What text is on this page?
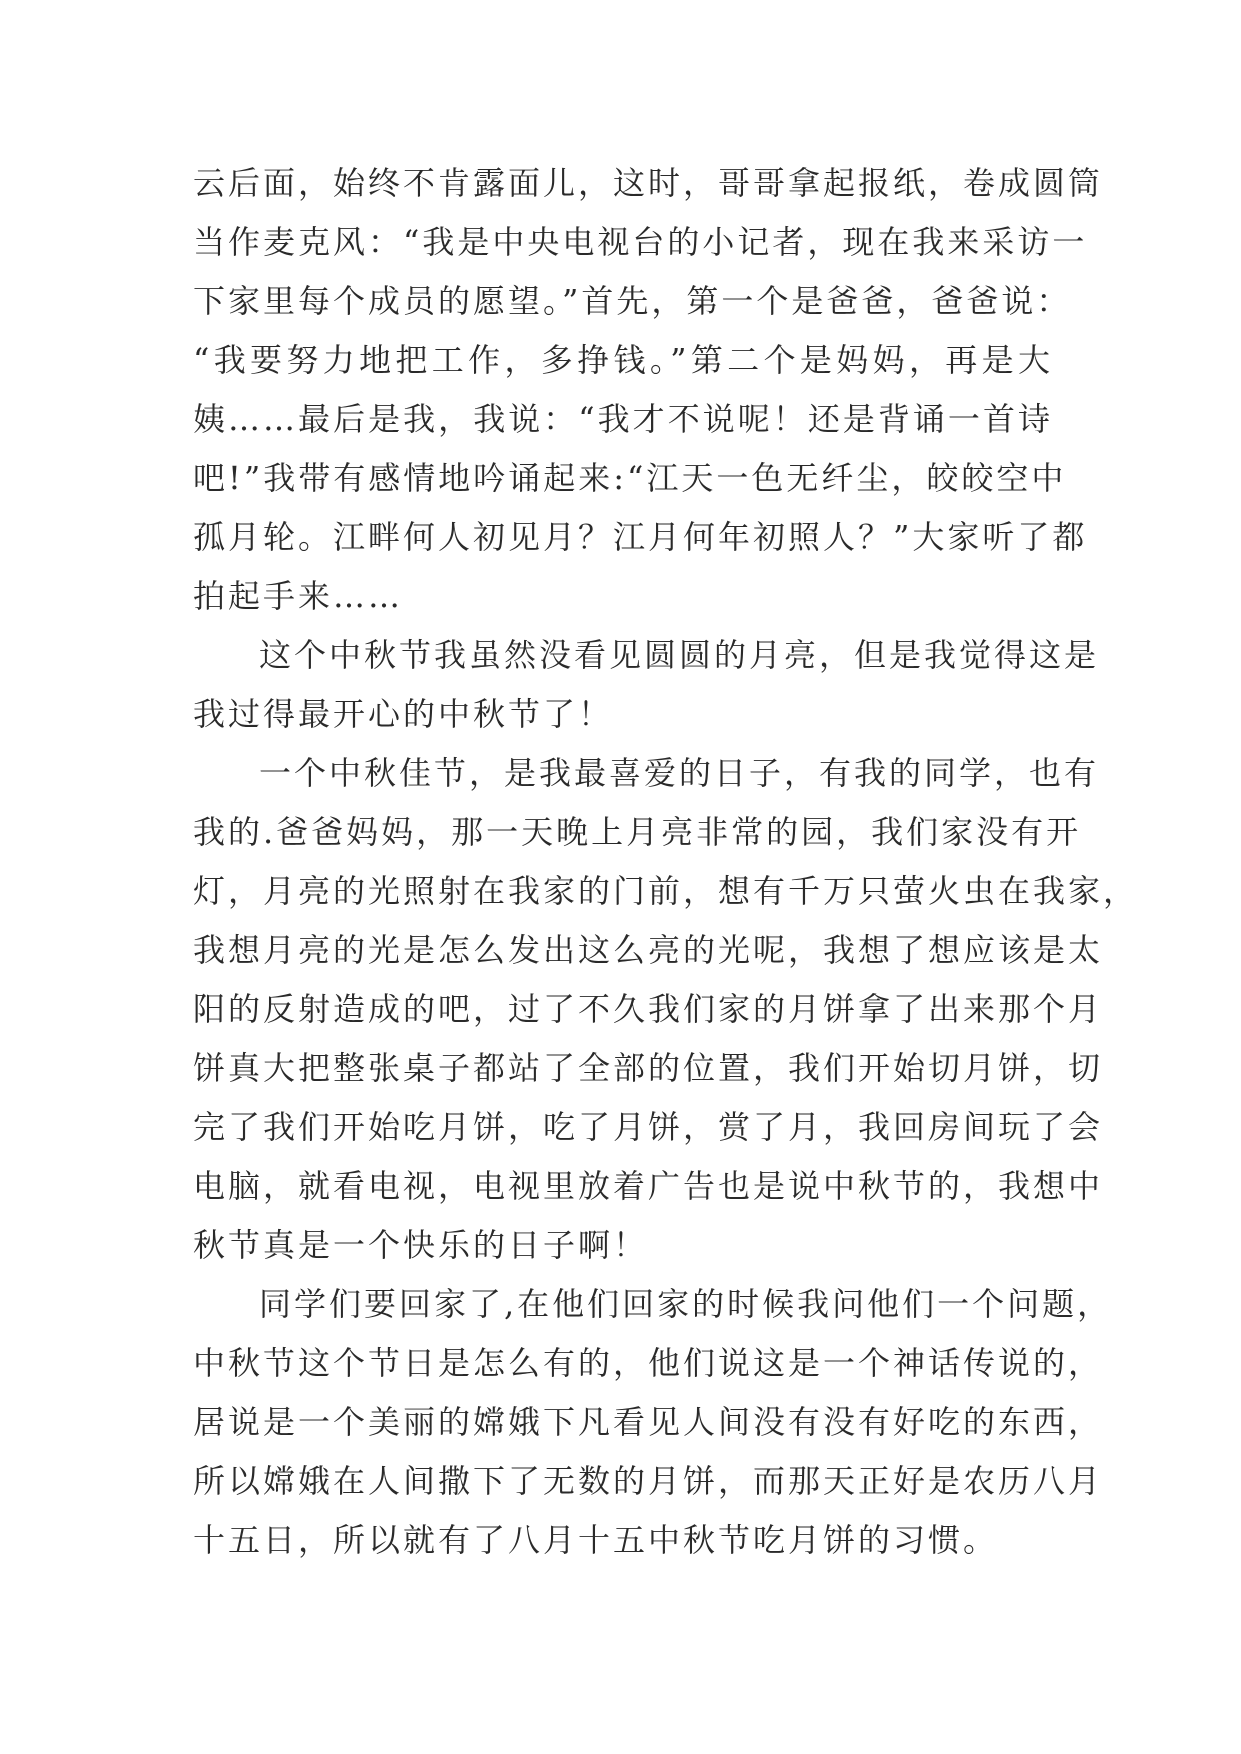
云后面，始终不肯露面儿，这时，哥哥拿起报纸，卷成圆筒
当作麦克风：“我是中央电视台的小记者，现在我来采访一
下家里每个成员的愿望。”首先，第一个是爸爸，爸爸说：
“我要努力地把工作，多挣钱。”第二个是妈妈，再是大
姨……最后是我，我说：“我才不说呢！还是背诵一首诗
吧!”我带有感情地吟诵起来:“江天一色无纤尘，皎皎空中
孤月轮。江畔何人初见月？江月何年初照人？”大家听了都
拍起手来……
这个中秋节我虽然没看见圆圆的月亮，但是我觉得这是
我过得最开心的中秋节了！
一个中秋佳节，是我最喜爱的日子，有我的同学，也有
我的.爸爸妈妈，那一天晚上月亮非常的园，我们家没有开
灯，月亮的光照射在我家的门前，想有千万只萤火虫在我家，
我想月亮的光是怎么发出这么亮的光呢，我想了想应该是太
阳的反射造成的吧，过了不久我们家的月饼拿了出来那个月
饼真大把整张桌子都站了全部的位置，我们开始切月饼，切
完了我们开始吃月饼，吃了月饼，赏了月，我回房间玩了会
电脑，就看电视，电视里放着广告也是说中秋节的，我想中
秋节真是一个快乐的日子啊！
同学们要回家了,在他们回家的时候我问他们一个问题，
中秋节这个节日是怎么有的，他们说这是一个神话传说的，
居说是一个美丽的嫦娥下凡看见人间没有没有好吃的东西，
所以嫦娥在人间撒下了无数的月饼，而那天正好是农历八月
十五日，所以就有了八月十五中秋节吃月饼的习惯。
